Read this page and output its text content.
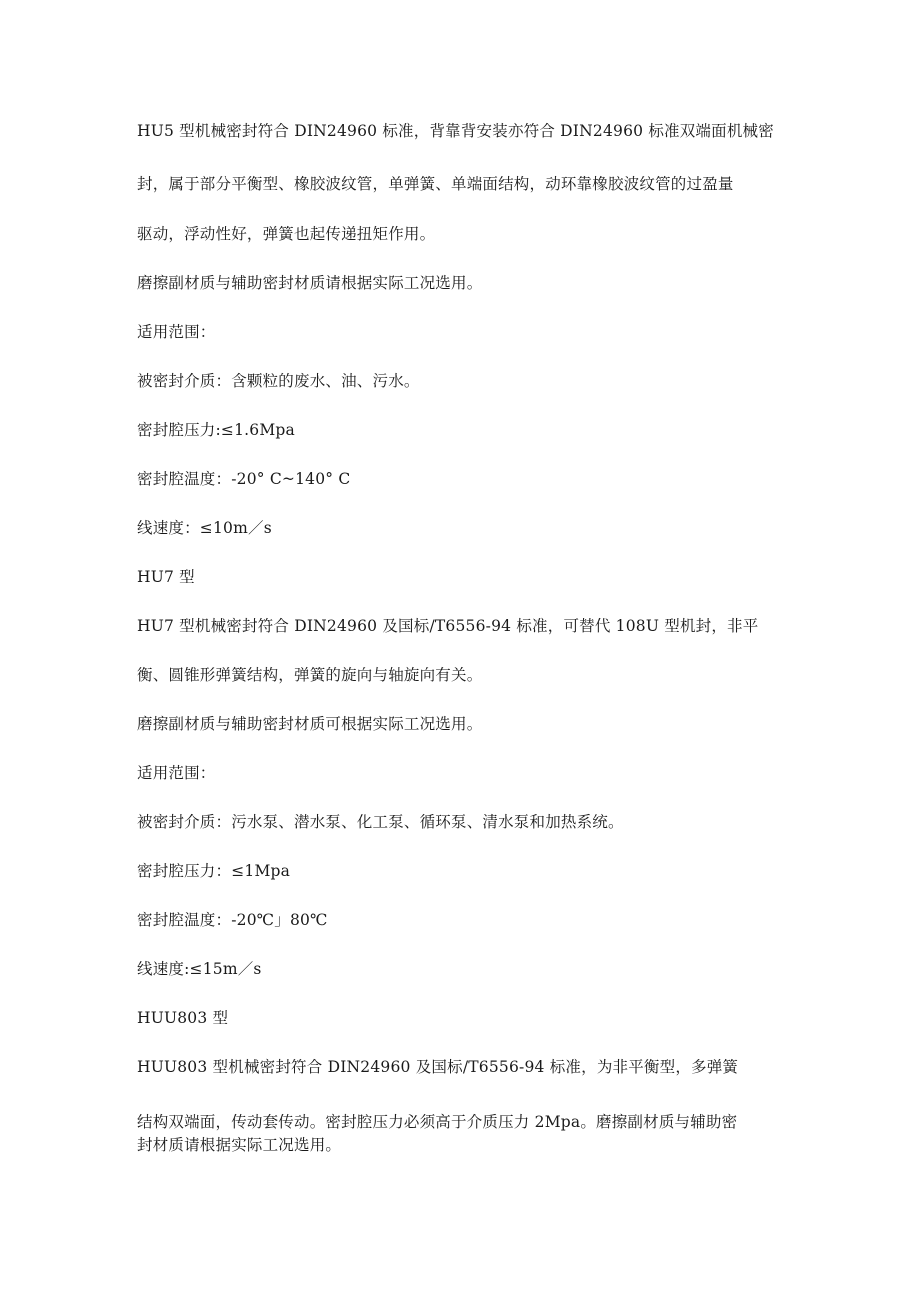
HU5 型机械密封符合 DIN24960 标准，背靠背安装亦符合 DIN24960 标准双端面机械密
封，属于部分平衡型、橡胶波纹管，单弹簧、单端面结构，动环靠橡胶波纹管的过盈量
驱动，浮动性好，弹簧也起传递扭矩作用。
磨擦副材质与辅助密封材质请根据实际工况选用。
适用范围：
被密封介质：含颗粒的废水、油、污水。
密封腔压力:≤1.6Mpa
密封腔温度：-20° C~140° C
线速度：≤10m／s
HU7 型
HU7 型机械密封符合 DIN24960 及国标/T6556-94 标准，可替代 108U 型机封，非平
衡、圆锥形弹簧结构，弹簧的旋向与轴旋向有关。
磨擦副材质与辅助密封材质可根据实际工况选用。
适用范围：
被密封介质：污水泵、潜水泵、化工泵、循环泵、清水泵和加热系统。
密封腔压力：≤1Mpa
密封腔温度：-20℃」80℃
线速度:≤15m／s
HUU803 型
HUU803 型机械密封符合 DIN24960 及国标/T6556-94 标准，为非平衡型，多弹簧
结构双端面，传动套传动。密封腔压力必须高于介质压力 2Mpa。磨擦副材质与辅助密
封材质请根据实际工况选用。
